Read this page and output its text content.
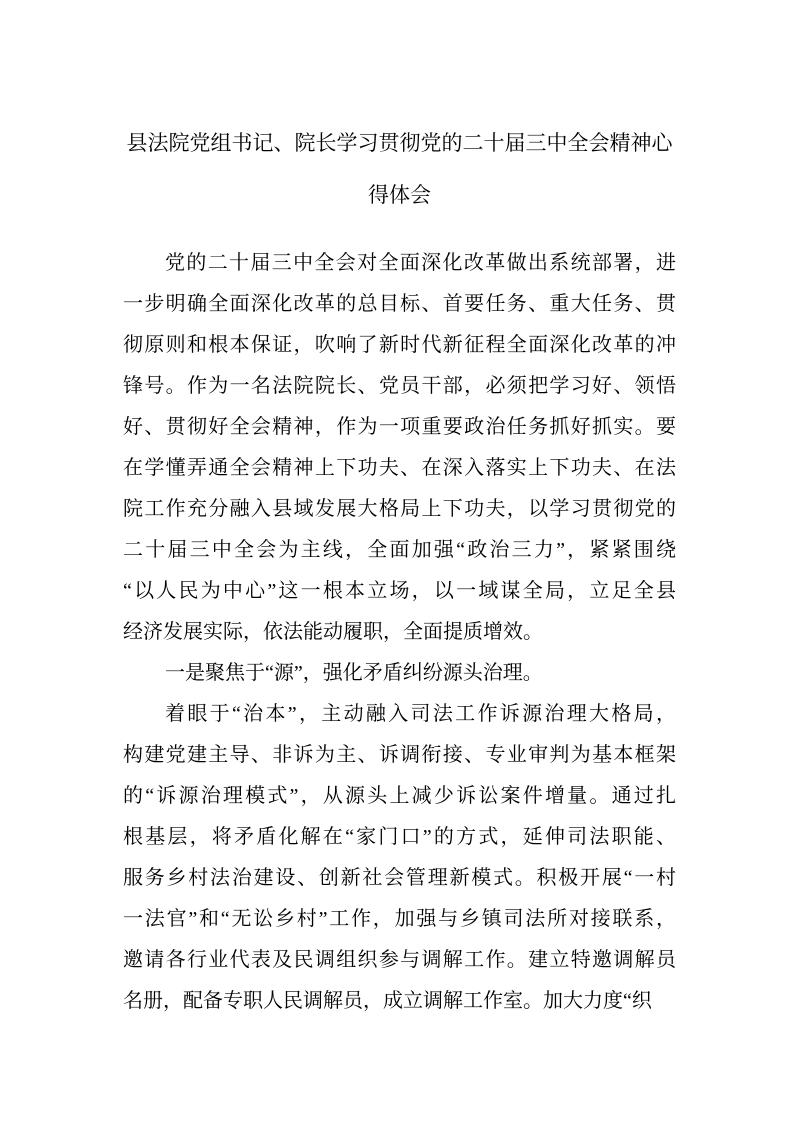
县法院党组书记、院长学习贯彻党的二十届三中全会精神心
得体会
党的二十届三中全会对全面深化改革做出系统部署，进
一步明确全面深化改革的总目标、首要任务、重大任务、贯
彻原则和根本保证，吹响了新时代新征程全面深化改革的冲
锋号。作为一名法院院长、党员干部，必须把学习好、领悟
好、贯彻好全会精神，作为一项重要政治任务抓好抓实。要
在学懂弄通全会精神上下功夫、在深入落实上下功夫、在法
院工作充分融入县域发展大格局上下功夫，以学习贯彻党的
二十届三中全会为主线，全面加强“政治三力”，紧紧围绕
“以人民为中心”这一根本立场，以一域谋全局，立足全县
经济发展实际，依法能动履职，全面提质增效。
一是聚焦于“源”，强化矛盾纠纷源头治理。
着眼于“治本”，主动融入司法工作诉源治理大格局，
构建党建主导、非诉为主、诉调衔接、专业审判为基本框架
的“诉源治理模式”，从源头上减少诉讼案件增量。通过扎
根基层，将矛盾化解在“家门口”的方式，延伸司法职能、
服务乡村法治建设、创新社会管理新模式。积极开展“一村
一法官”和“无讼乡村”工作，加强与乡镇司法所对接联系，
邀请各行业代表及民调组织参与调解工作。建立特邀调解员
名册，配备专职人民调解员，成立调解工作室。加大力度“织
